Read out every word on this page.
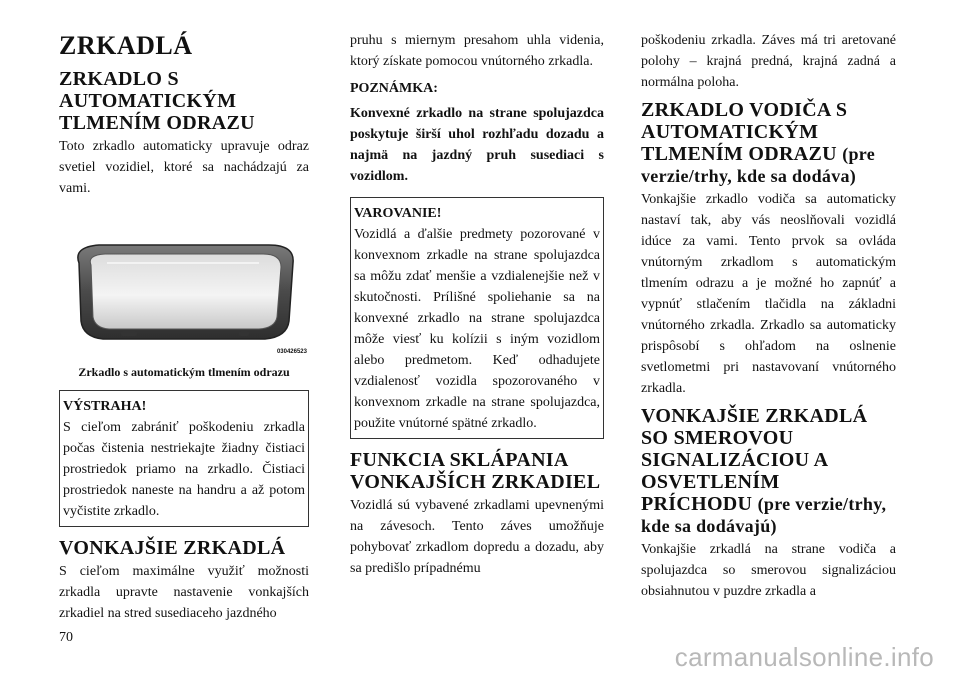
ZRKADLÁ
ZRKADLO S AUTOMATICKÝM TLMENÍM ODRAZU

Toto zrkadlo automaticky upravuje odraz svetiel vozidiel, ktoré sa nachádzajú za vami.

030426523
Zrkadlo s automatickým tlmením odrazu
VÝSTRAHA!

S cieľom zabrániť poškodeniu zrkadla počas čistenia nestriekajte žiadny čistiaci prostriedok priamo na zrkadlo. Čistiaci prostriedok naneste na handru a až potom vyčistite zrkadlo.

VONKAJŠIE ZRKADLÁ

S cieľom maximálne využiť možnosti zrkadla upravte nastavenie vonkajších zrkadiel na stred susediaceho jazdného

pruhu s miernym presahom uhla videnia, ktorý získate pomocou vnútorného zrkadla.

POZNÁMKA:

Konvexné zrkadlo na strane spolujazdca poskytuje širší uhol rozhľadu dozadu a najmä na jazdný pruh susediaci s vozidlom.

VAROVANIE!

Vozidlá a ďalšie predmety pozorované v konvexnom zrkadle na strane spolujazdca sa môžu zdať menšie a vzdialenejšie než v skutočnosti. Prílišné spoliehanie sa na konvexné zrkadlo na strane spolujazdca môže viesť ku kolízii s iným vozidlom alebo predmetom. Keď odhadujete vzdialenosť vozidla spozorovaného v konvexnom zrkadle na strane spolujazdca, použite vnútorné spätné zrkadlo.

FUNKCIA SKLÁPANIA VONKAJŠÍCH ZRKADIEL

Vozidlá sú vybavené zrkadlami upevnenými na závesoch. Tento záves umožňuje pohybovať zrkadlom dopredu a dozadu, aby sa predišlo prípadnému

poškodeniu zrkadla. Záves má tri aretované polohy – krajná predná, krajná zadná a normálna poloha.

ZRKADLO VODIČA S AUTOMATICKÝM TLMENÍM ODRAZU (pre verzie/trhy, kde sa dodáva)

Vonkajšie zrkadlo vodiča sa automaticky nastaví tak, aby vás neoslňovali vozidlá idúce za vami. Tento prvok sa ovláda vnútorným zrkadlom s automatickým tlmením odrazu a je možné ho zapnúť a vypnúť stlačením tlačidla na základni vnútorného zrkadla. Zrkadlo sa automaticky prispôsobí s ohľadom na oslnenie svetlometmi pri nastavovaní vnútorného zrkadla.

VONKAJŠIE ZRKADLÁ SO SMEROVOU SIGNALIZÁCIOU A OSVETLENÍM PRÍCHODU (pre verzie/trhy, kde sa dodávajú)

Vonkajšie zrkadlá na strane vodiča a spolujazdca so smerovou signalizáciou obsiahnutou v puzdre zrkadla a

70
carmanualsonline.info
